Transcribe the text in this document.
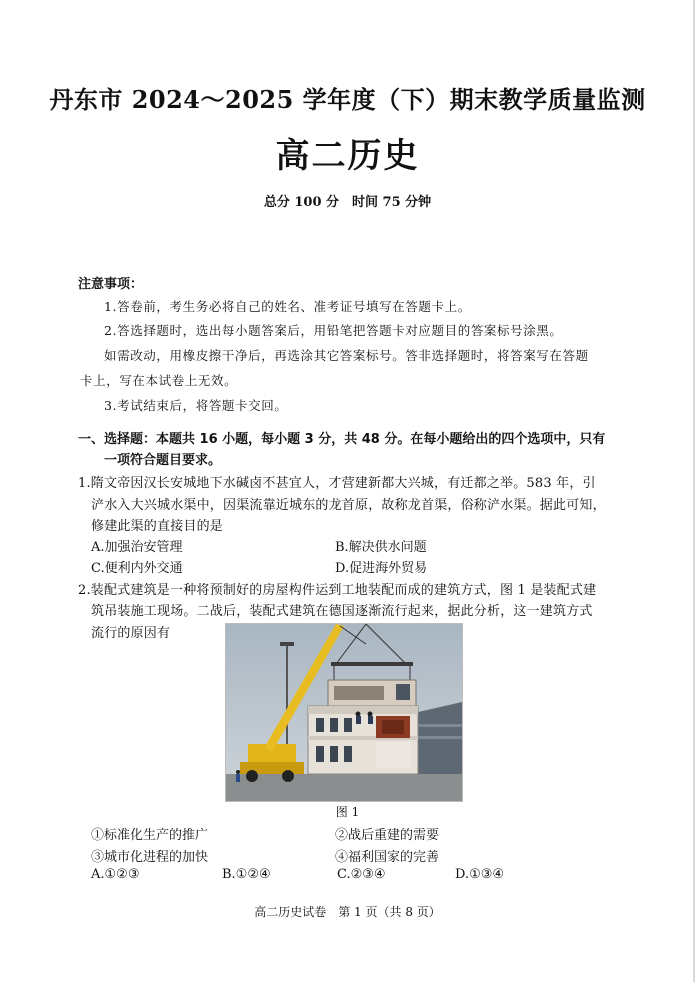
丹东市 2024～2025 学年度（下）期末教学质量监测
高二历史
总分 100 分　时间 75 分钟
注意事项：
1.答卷前，考生务必将自己的姓名、准考证号填写在答题卡上。
2.答选择题时，选出每小题答案后，用铅笔把答题卡对应题目的答案标号涂黑。
如需改动，用橡皮擦干净后，再选涂其它答案标号。答非选择题时，将答案写在答题
卡上，写在本试卷上无效。
3.考试结束后，将答题卡交回。
一、选择题：本题共 16 小题，每小题 3 分，共 48 分。在每小题给出的四个选项中，只有
一项符合题目要求。
1.隋文帝因汉长安城地下水碱卤不甚宜人，才营建新都大兴城，有迁都之举。583 年，引
浐水入大兴城水渠中，因渠流靠近城东的龙首原，故称龙首渠，俗称浐水渠。据此可知，
修建此渠的直接目的是
A.加强治安管理	B.解决供水问题
C.便利内外交通	D.促进海外贸易
2.装配式建筑是一种将预制好的房屋构件运到工地装配而成的建筑方式，图 1 是装配式建
筑吊装施工现场。二战后，装配式建筑在德国逐渐流行起来，据此分析，这一建筑方式
流行的原因有
图 1
①标准化生产的推广	②战后重建的需要
③城市化进程的加快	④福利国家的完善
A.①②③	B.①②④	C.②③④	D.①③④
高二历史试卷　第 1 页（共 8 页）
